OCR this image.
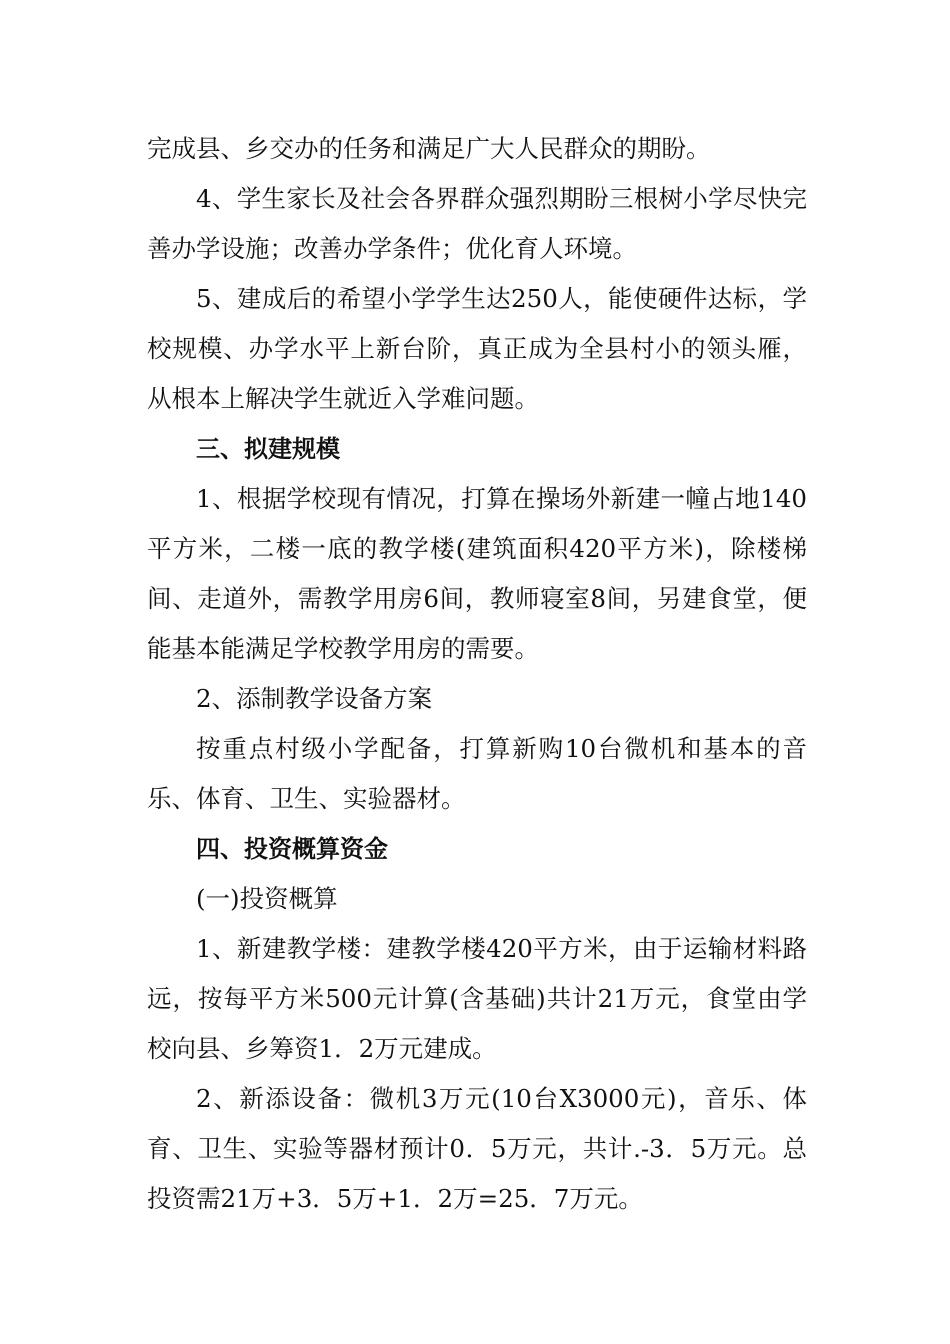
完成县、乡交办的任务和满足广大人民群众的期盼。

4、学生家长及社会各界群众强烈期盼三根树小学尽快完善办学设施；改善办学条件；优化育人环境。

5、建成后的希望小学学生达250人，能使硬件达标，学校规模、办学水平上新台阶，真正成为全县村小的领头雁，从根本上解决学生就近入学难问题。

三、拟建规模

1、根据学校现有情况，打算在操场外新建一幢占地140平方米，二楼一底的教学楼(建筑面积420平方米)，除楼梯间、走道外，需教学用房6间，教师寝室8间，另建食堂，便能基本能满足学校教学用房的需要。

2、添制教学设备方案

按重点村级小学配备，打算新购10台微机和基本的音乐、体育、卫生、实验器材。

四、投资概算资金

(一)投资概算

1、新建教学楼：建教学楼420平方米，由于运输材料路远，按每平方米500元计算(含基础)共计21万元，食堂由学校向县、乡筹资1．2万元建成。

2、新添设备：微机3万元(10台X3000元)，音乐、体育、卫生、实验等器材预计0．5万元，共计.-3．5万元。总投资需21万+3．5万+1．2万=25．7万元。
